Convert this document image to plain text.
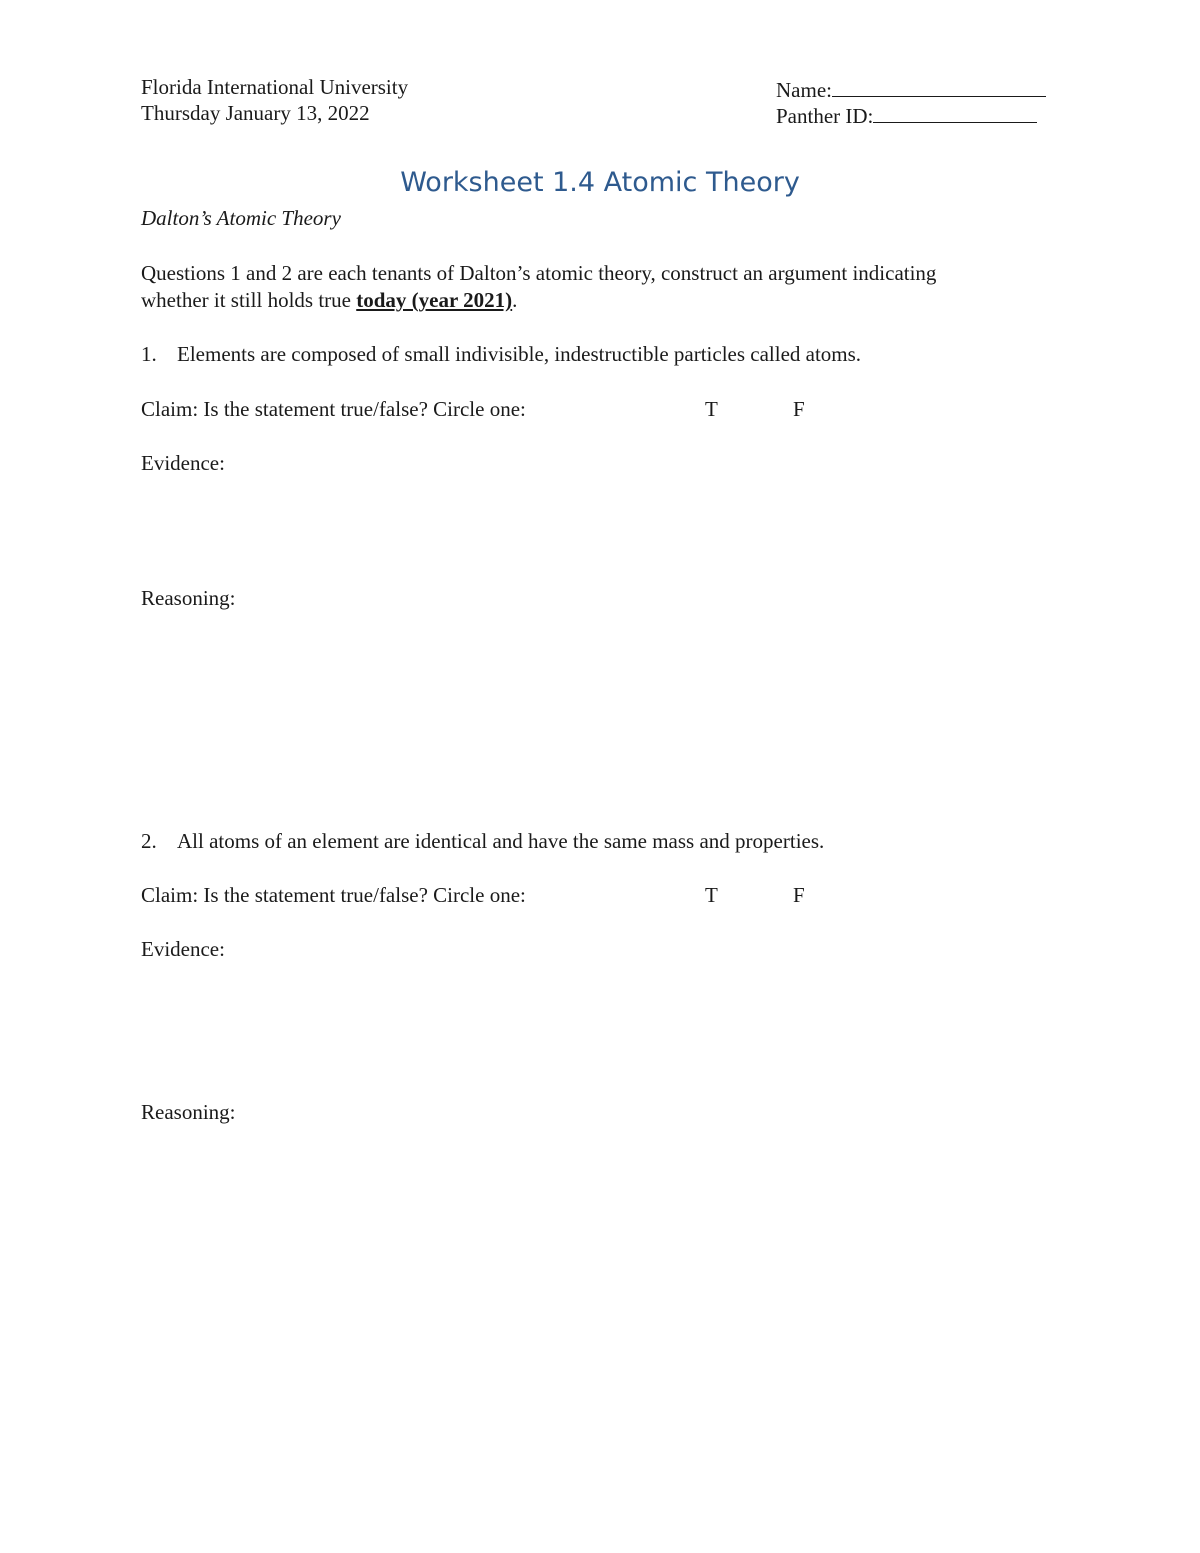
Florida International University
Thursday January 13, 2022
Name:
Panther ID:
Worksheet 1.4 Atomic Theory
Dalton’s Atomic Theory
Questions 1 and 2 are each tenants of Dalton’s atomic theory, construct an argument indicating
whether it still holds true today (year 2021).
1. Elements are composed of small indivisible, indestructible particles called atoms.
Claim: Is the statement true/false? Circle one:	T	F
Evidence:
Reasoning:
2. All atoms of an element are identical and have the same mass and properties.
Claim: Is the statement true/false? Circle one:	T	F
Evidence:
Reasoning:
